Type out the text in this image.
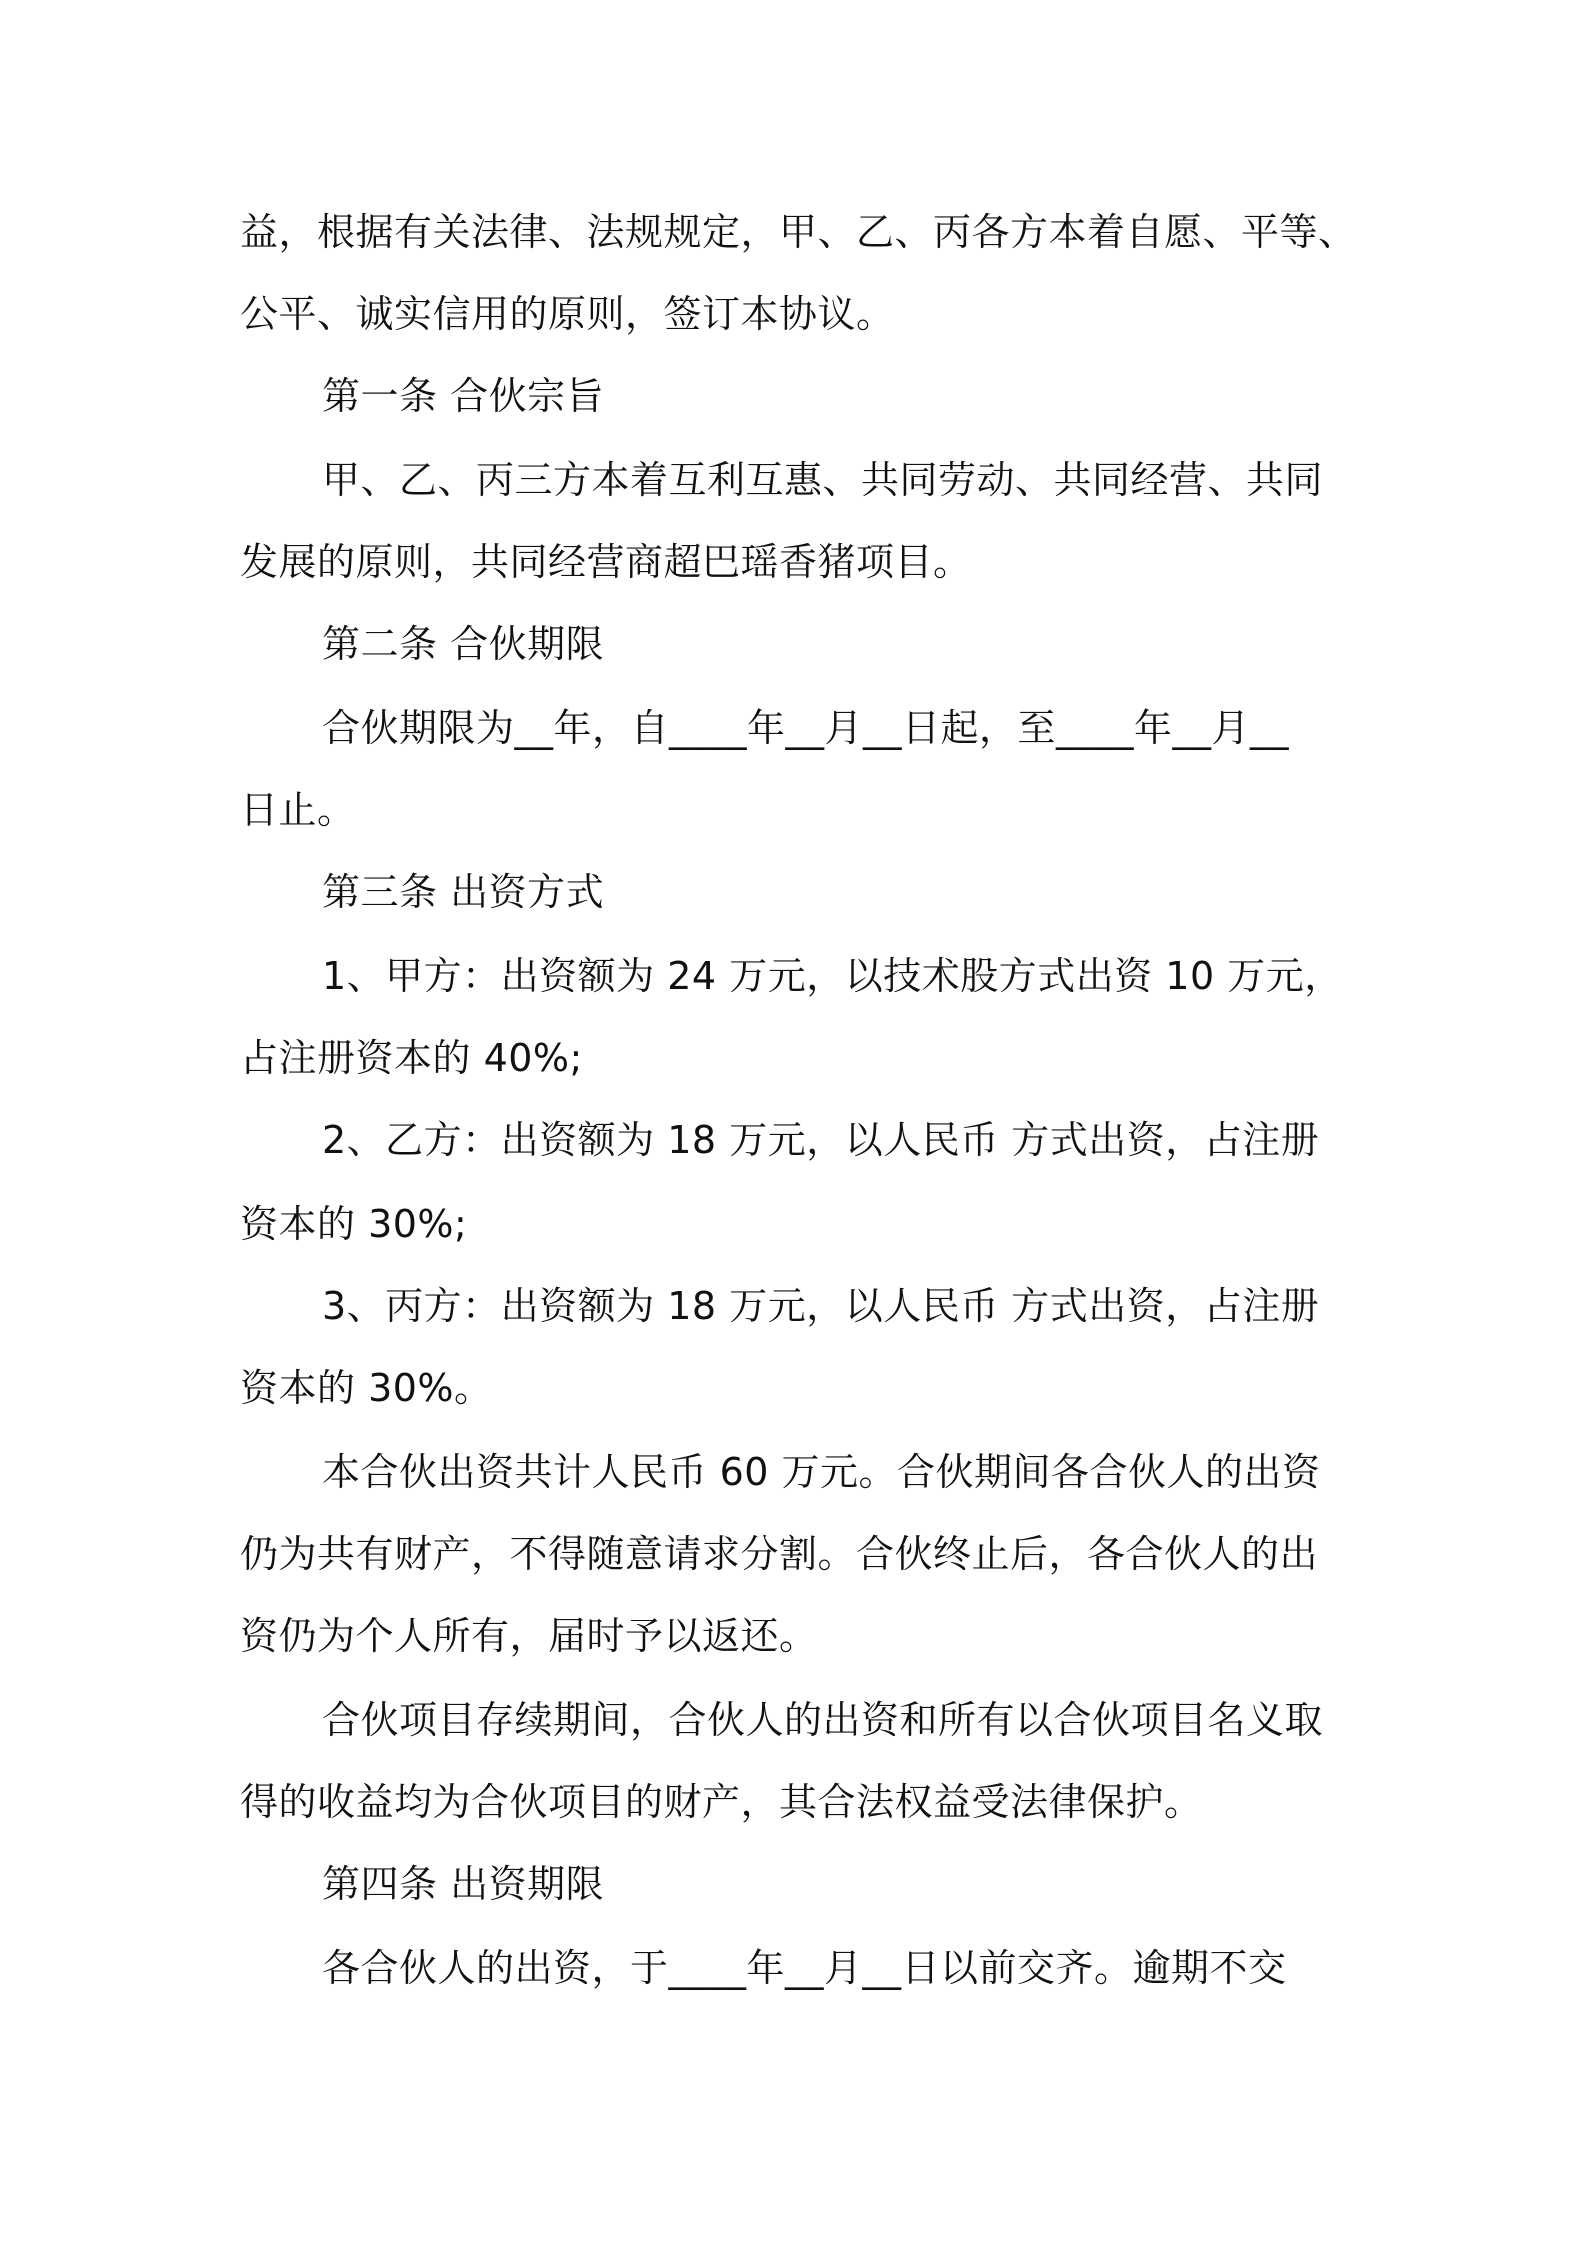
益，根据有关法律、法规规定，甲、乙、丙各方本着自愿、平等、
公平、诚实信用的原则，签订本协议。
第一条 合伙宗旨
甲、乙、丙三方本着互利互惠、共同劳动、共同经营、共同
发展的原则，共同经营商超巴瑶香猪项目。
第二条 合伙期限
合伙期限为__年，自____年__月__日起，至____年__月__
日止。
第三条 出资方式
1、甲方：出资额为 24 万元，以技术股方式出资 10 万元，
占注册资本的 40%;
2、乙方：出资额为 18 万元，以人民币 方式出资，占注册
资本的 30%;
3、丙方：出资额为 18 万元，以人民币 方式出资，占注册
资本的 30%。
本合伙出资共计人民币 60 万元。合伙期间各合伙人的出资
仍为共有财产，不得随意请求分割。合伙终止后，各合伙人的出
资仍为个人所有，届时予以返还。
合伙项目存续期间，合伙人的出资和所有以合伙项目名义取
得的收益均为合伙项目的财产，其合法权益受法律保护。
第四条 出资期限
各合伙人的出资，于____年__月__日以前交齐。逾期不交
